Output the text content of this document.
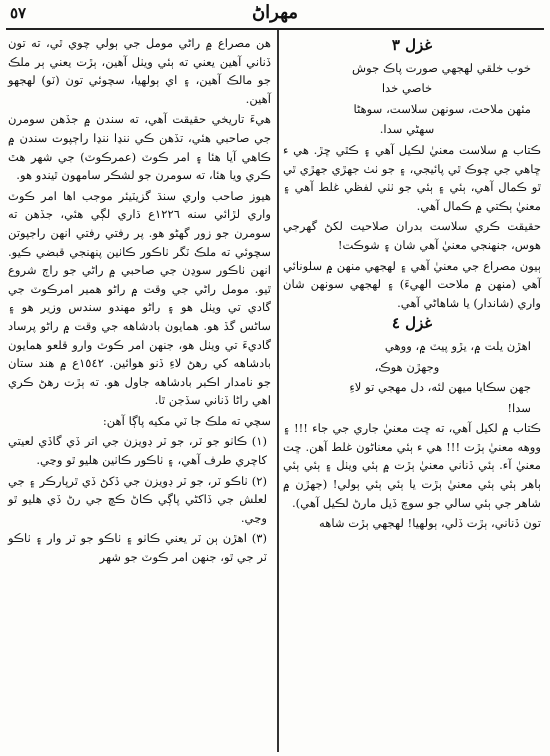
٥٧	مهراڻ

غزل ٣

خوب خلقي لهجهي صورت پاڪ جوش

خاصي خدا

مئهن ملاحت، سونهن سلاست، سوهڻا

سهڻي سدا.

ڪتاب ۾ سلاست معنيٰ لڪيل آهي ۽ ڪٿي ڇڙ. هي ء ڇاهي جي چوڪ ٿي پائيجي، ۽ جو ٺٺ جهڙي جهڙي ٿي ٿو ڪمال آهي، ٻئي ۽ ٻئي جو ٺٺي لفظي غلط آهي ۽ معنيٰ ٻڪتي ۾ ڪمال آهي.

حقيقت ڪري سلاست بدران صلاحيت لکڻ گهرجي هوس، جنهنجي معنيٰ آهي شان ۽ شوڪت!

ٻيون مصراع جي معنيٰ آهي ۽ لهجهي منهن ۾ سلونائي آهي (منهن ۾ ملاحت الهيءَ) ۽ لهجهي سونهن شان واري (شاندار) يا شاهاڻي آهي.

غزل ٤

اهڙن يلت ۾، يڙو پيٽ ۾، ووهي

وجهڙن هوڪ،

جهن سڪايا ميھن لئه، دل مهجي تو لاءِ

سدا!

ڪتاب ۾ لکيل آهي، ته ڇت معنيٰ جاري جي جاء !!! ۽ ووهه معنيٰ ٻڙت !!! هي ء ٻئي معناڻون غلط آهن. ڇت معنيٰ آء. ٻئي ڏناني معنيٰ ٻڙت ۾ ٻئي ويٺل ۽ ٻئي ٻئي ٻاهر ٻئي ٻئي معنيٰ ٻڙت يا ٻئي ٻئي ٻولي! (جهڙن ۾ شاهر جي ٻئي سالي جو سوچ ڏيل مارڻ لڪيل آهي).

تون ڏناني، ٻڙت ڏلي، ٻولهيا! لهجهي ٻڙت شاهه

هن مصراع ۾ راڻي مومل جي ٻولي چوي ٿي، ته تون ڏناني آهين يعني ته ٻئي ويٺل آهين، ٻڙت يعني ٻر ملڪ جو مالڪ آهين، ۽ اي ٻولهيا، سچوئي تون (ٽو) لهجهو آهين.

هيءَ تاريخي حقيقت آهي، ته سندن ۾ جڏهن سومرن جي صاحبي هئي، تڏهن ڪي ننڍا ننڍا راڄپوت سندن ۾ ڪاهي آيا هئا ۽ امر ڪوٽ (عمرڪوٽ) جي شهر هٿ ڪري ويا هئا، ته سومرن جو لشڪر سامهون ٿيندو هو.

هيوز صاحب واري سنڌ گزيٽيئر موجب اها امر ڪوٽ واري لڙائي سنه ١٢٢٦ع ڌاري لڳي هئي، جڏهن ته سومرن جو زور گهڻو هو. پر رفتي رفتي انهن راجپوتن سچوئي ته ملڪ ٽگر ٺاڪور ڪاٺين پنهنجي قبضي ڪيو. انهن ٺاڪور سوڍن جي صاحبي ۾ راڻي جو راڄ شروع ٿيو. مومل راڻي جي وقت ۾ راڻو همير امرڪوٽ جي گادي تي ويٺل هو ۽ راڻو مهندو سندس وزير هو ۽ ساڻس گڏ هو. همايون بادشاهه جي وقت ۾ راڻو پرساد گاديءَ تي ويٺل هو، جنهن امر ڪوٽ وارو قلعو همايون بادشاهه کي رهڻ لاءِ ڏنو هوائين. ١٥٤٢ع ۾ هند ستان جو نامدار اڪبر بادشاهه جاول هو. ته ٻڙت رهڻ ڪري اهي راڻا ڏناني سڏجن ٿا.

سچي ته ملڪ جا ٽي مکيه پاڳا آهن:

(١) ڪاٺو جو ٽر، جو ٽر ڊويزن جي اتر ڏي گاڏي لعيتي کاچري طرف آهي، ۽ ٺاڪور ڪاٺين هليو ٿو وڃي.

(٢) ٺاڪو ٽر، جو ٽر ڊويزن جي ڏکڻ ڏي ٿرپارڪر ۽ جي لعلش جي ڏاکڻي پاڳي ڪاڻ ڪڇ جي رڻ ڏي هليو ٿو وڃي.

(٣) اهڙن ٻن ٽر يعني ڪاٺو ۽ ٺاڪو جو ٽر وار ۽ ٺاڪو ٽر جي ٿو، جنهن امر ڪوٽ جو شهر
